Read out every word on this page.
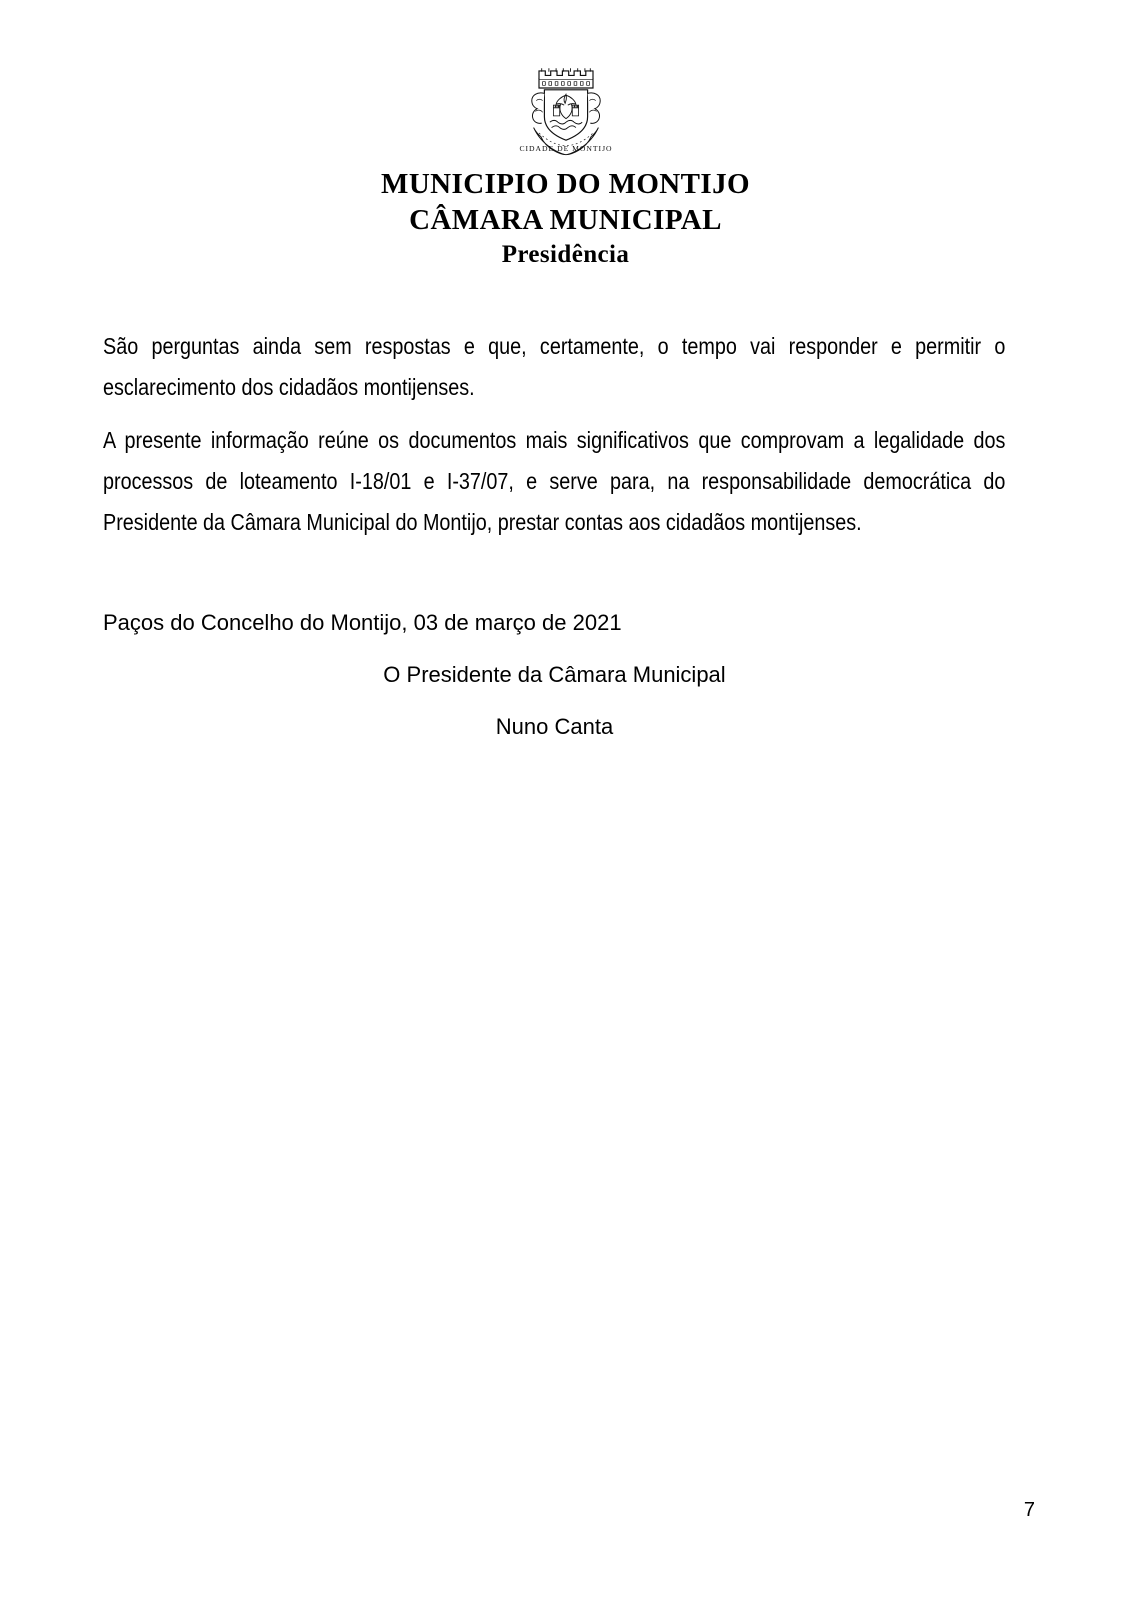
CIDADE DE MONTIJO
MUNICIPIO DO MONTIJO
CÂMARA MUNICIPAL
Presidência

São perguntas ainda sem respostas e que, certamente, o tempo vai responder e permitir o esclarecimento dos cidadãos montijenses.

A presente informação reúne os documentos mais significativos que comprovam a legalidade dos processos de loteamento I-18/01 e I-37/07, e serve para, na responsabilidade democrática do Presidente da Câmara Municipal do Montijo, prestar contas aos cidadãos montijenses.

Paços do Concelho do Montijo, 03 de março de 2021
O Presidente da Câmara Municipal
Nuno Canta
7
